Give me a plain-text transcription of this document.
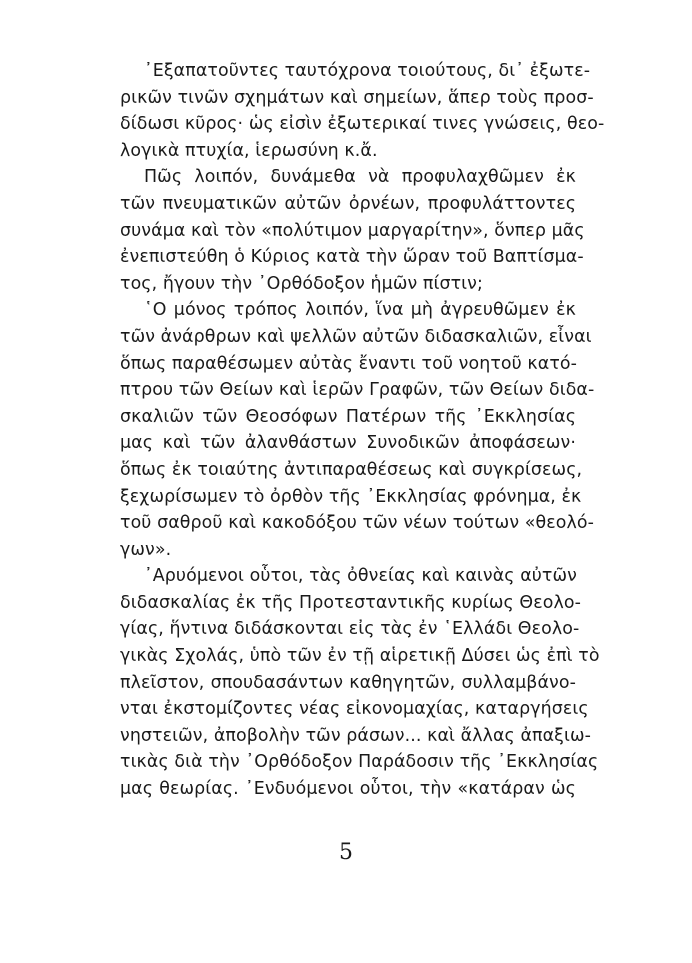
᾿Εξαπατοῦντες ταυτόχρονα τοιούτους, δι᾿ ἐξωτε-
ρικῶν τινῶν σχημάτων καὶ σημείων, ἅπερ τοὺς προσ-
δίδωσι κῦρος· ὡς εἰσὶν ἐξωτερικαί τινες γνώσεις, θεο-
λογικὰ πτυχία, ἱερωσύνη κ.ἄ.
Πῶς λοιπόν, δυνάμεθα νὰ προφυλαχθῶμεν ἐκ
τῶν πνευματικῶν αὐτῶν ὀρνέων, προφυλάττοντες
συνάμα καὶ τὸν «πολύτιμον μαργαρίτην», ὅνπερ μᾶς
ἐνεπιστεύθη ὁ Κύριος κατὰ τὴν ὥραν τοῦ Βαπτίσμα-
τος, ἤγουν τὴν ᾿Ορθόδοξον ἡμῶν πίστιν;
῾Ο μόνος τρόπος λοιπόν, ἵνα μὴ ἀγρευθῶμεν ἐκ
τῶν ἀνάρθρων καὶ ψελλῶν αὐτῶν διδασκαλιῶν, εἶναι
ὅπως παραθέσωμεν αὐτὰς ἔναντι τοῦ νοητοῦ κατό-
πτρου τῶν Θείων καὶ ἱερῶν Γραφῶν, τῶν Θείων διδα-
σκαλιῶν τῶν Θεοσόφων Πατέρων τῆς ᾿Εκκλησίας
μας καὶ τῶν ἀλανθάστων Συνοδικῶν ἀποφάσεων·
ὅπως ἐκ τοιαύτης ἀντιπαραθέσεως καὶ συγκρίσεως,
ξεχωρίσωμεν τὸ ὀρθὸν τῆς ᾿Εκκλησίας φρόνημα, ἐκ
τοῦ σαθροῦ καὶ κακοδόξου τῶν νέων τούτων «θεολό-
γων».
᾿Αρυόμενοι οὗτοι, τὰς ὀθνείας καὶ καινὰς αὐτῶν
διδασκαλίας ἐκ τῆς Προτεσταντικῆς κυρίως Θεολο-
γίας, ἥντινα διδάσκονται εἰς τὰς ἐν ῾Ελλάδι Θεολο-
γικὰς Σχολάς, ὑπὸ τῶν ἐν τῇ αἱρετικῇ Δύσει ὡς ἐπὶ τὸ
πλεῖστον, σπουδασάντων καθηγητῶν, συλλαμβάνο-
νται ἐκστομίζοντες νέας εἰκονομαχίας, καταργήσεις
νηστειῶν, ἀποβολὴν τῶν ράσων... καὶ ἄλλας ἀπαξιω-
τικὰς διὰ τὴν ᾿Ορθόδοξον Παράδοσιν τῆς ᾿Εκκλησίας
μας θεωρίας. ᾿Ενδυόμενοι οὗτοι, τὴν «κατάραν ὡς
5
